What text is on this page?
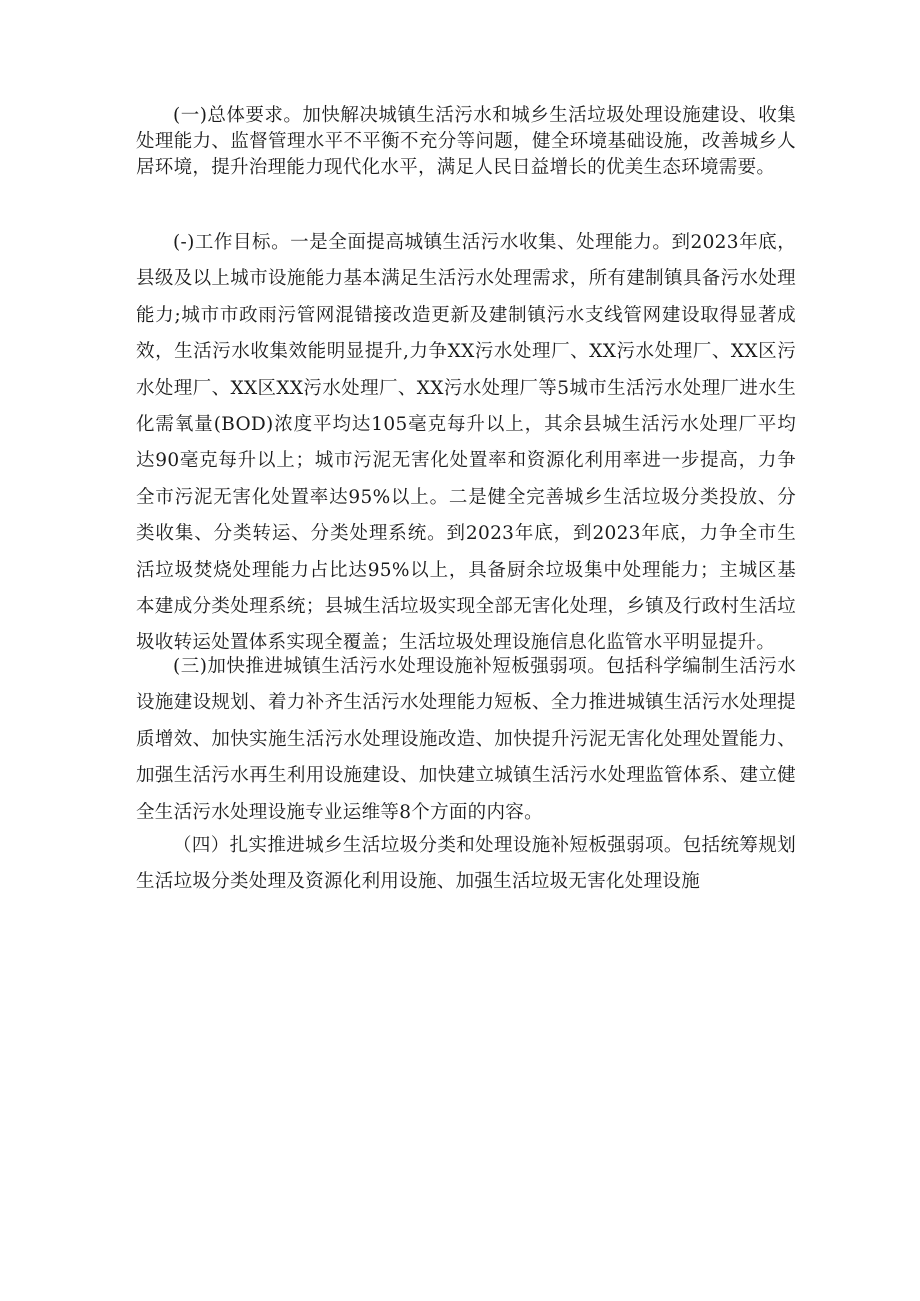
(一)总体要求。加快解决城镇生活污水和城乡生活垃圾处理设施建设、收集处理能力、监督管理水平不平衡不充分等问题，健全环境基础设施，改善城乡人居环境，提升治理能力现代化水平，满足人民日益增长的优美生态环境需要。

(-)工作目标。一是全面提高城镇生活污水收集、处理能力。到2023年底，县级及以上城市设施能力基本满足生活污水处理需求，所有建制镇具备污水处理能力;城市市政雨污管网混错接改造更新及建制镇污水支线管网建设取得显著成效，生活污水收集效能明显提升,力争XX污水处理厂、XX污水处理厂、XX区污水处理厂、XX区XX污水处理厂、XX污水处理厂等5城市生活污水处理厂进水生化需氧量(BOD)浓度平均达105毫克每升以上，其余县城生活污水处理厂平均达90毫克每升以上；城市污泥无害化处置率和资源化利用率进一步提高，力争全市污泥无害化处置率达95%以上。二是健全完善城乡生活垃圾分类投放、分类收集、分类转运、分类处理系统。到2023年底，到2023年底，力争全市生活垃圾焚烧处理能力占比达95%以上，具备厨余垃圾集中处理能力；主城区基本建成分类处理系统；县城生活垃圾实现全部无害化处理，乡镇及行政村生活垃圾收转运处置体系实现全覆盖；生活垃圾处理设施信息化监管水平明显提升。

(三)加快推进城镇生活污水处理设施补短板强弱项。包括科学编制生活污水设施建设规划、着力补齐生活污水处理能力短板、全力推进城镇生活污水处理提质增效、加快实施生活污水处理设施改造、加快提升污泥无害化处理处置能力、加强生活污水再生利用设施建设、加快建立城镇生活污水处理监管体系、建立健全生活污水处理设施专业运维等8个方面的内容。

（四）扎实推进城乡生活垃圾分类和处理设施补短板强弱项。包括统筹规划生活垃圾分类处理及资源化利用设施、加强生活垃圾无害化处理设施
